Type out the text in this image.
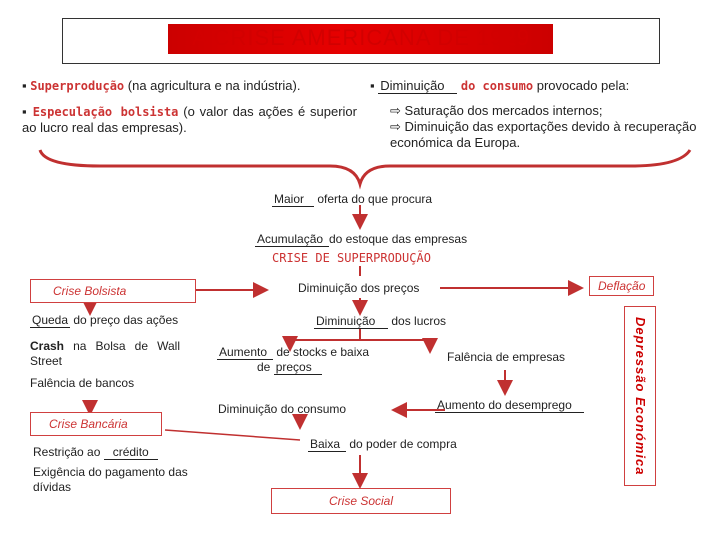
A CRISE AMERICANA DE 1929
▪ Superprodução (na agricultura e na indústria).
▪ Especulação bolsista (o valor das ações é superior ao lucro real das empresas).
▪ Diminuição do consumo provocado pela:
⇨ Saturação dos mercados internos;
⇨ Diminuição das exportações devido à recuperação económica da Europa.
Maior oferta do que procura
Acumulação do estoque das empresas
CRISE DE SUPERPRODUÇÃO
Diminuição dos preços	Deflação
Crise Bolsista
Queda do preço das ações
Crash na Bolsa de Wall Street
Falência de bancos
Crise Bancária
Restrição ao crédito
Exigência do pagamento das dívidas
Diminuição dos lucros
Aumento de stocks e baixa
de preços
Falência de empresas
Aumento do desemprego
Diminuição do consumo
Baixa do poder de compra
Crise Social
Depressão Económica
